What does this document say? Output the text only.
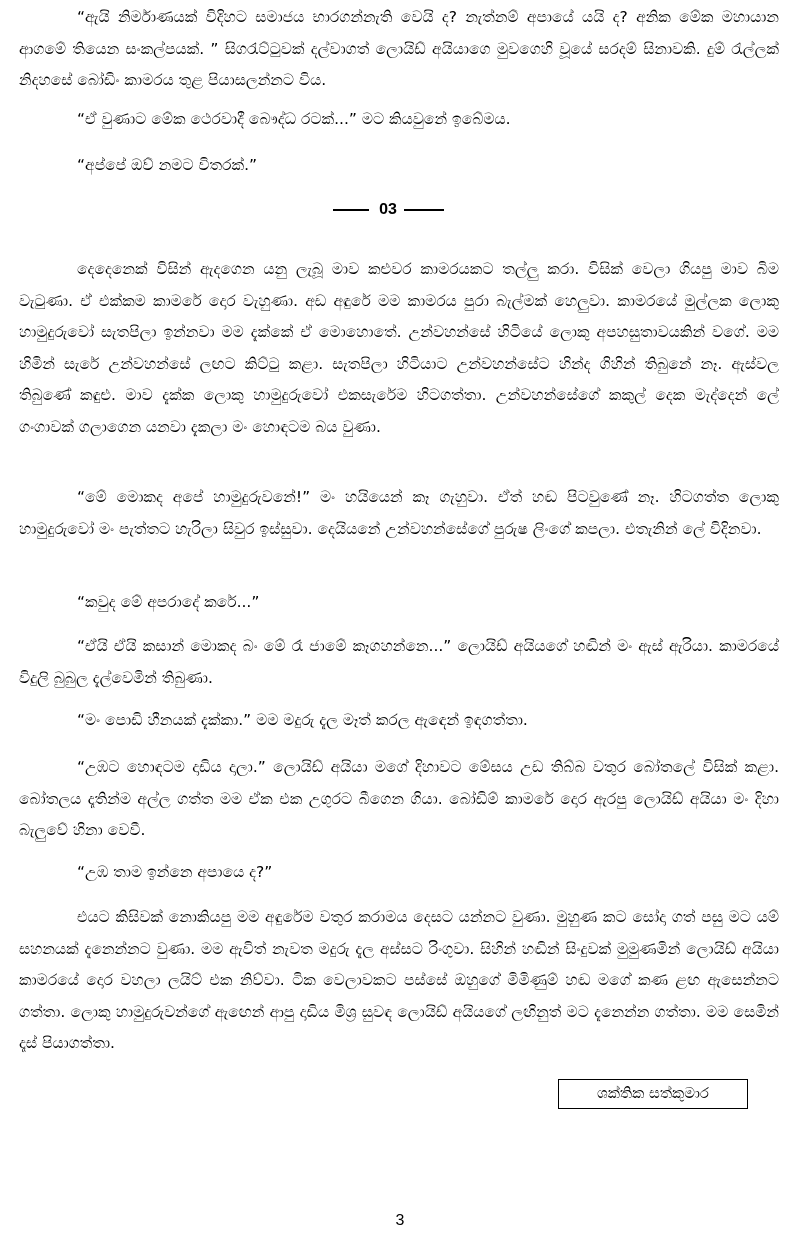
“ඇයි නිර්මාණයක් විදිහට සමාජය භාරගන්නැති වෙයි ද? නැත්නම් අපායේ යයි ද? අනික මේක මහායාන ආගමේ තියෙන සංකල්පයක්. ” සිගරැට්ටුවක් දල්වාගත් ලොයිඩ් අයියාගෙ මුවගෙහි වූයේ සරදම් සිනාවකි. දුම් රැල්ලක් නිදහසේ බෝඩිං කාමරය තුළ පියාසලන්නට විය.

“ඒ වුණාට මේක ථෙරවාදී බෞද්ධ රටක්...” මට කියවුනේ ඉබේමය.

“අප්පේ ඔව් නමට විතරක්.”

03

දෙදෙනෙක් විසින් ඇදගෙන යනු ලැබූ මාව කළුවර කාමරයකට තල්ලු කරා. විසික් වෙලා ගියපු මාව බිම වැටුණා. ඒ එක්කම කාමරේ දොර වැහුණා. අඩ අඳුරේ මම කාමරය පුරා බැල්මක් හෙලුවා. කාමරයේ මුල්ලක ලොකු හාමුදුරුවෝ සැතපිලා ඉන්නවා මම දැක්කේ ඒ මොහොතේ. උන්වහන්සේ හිටියේ ලොකු අපහසුතාවයකින් වගේ. මම හිමින් සැරේ උන්වහන්සේ ලඟට කිට්ටු කළා. සැතපිලා හිටියාට උන්වහන්සේට හින්ද ගිහින් තිබුනේ නෑ. ඇස්වල තිබුණේ කඳුළු. මාව දැක්ක ලොකු හාමුදුරුවෝ එකසැරේම හිටගත්තා. උන්වහන්සේගේ කකුල් දෙක මැද්දෙන් ලේ ගංගාවක් ගලාගෙන යනවා දැකලා මං හොඳටම බය වුණා.

“මේ මොකද අපේ හාමුදුරුවනේ!” මං හයියෙන් කෑ ගැහුවා. ඒත් හඬ පිටවුණේ නෑ. හිටගත්ත ලොකු හාමුදුරුවෝ මං පැත්තට හැරිලා සිවුර ඉස්සුවා. දෙයියනේ උන්වහන්සේගේ පුරුෂ ලිංගේ කපලා. එතැනින් ලේ විදිනවා.

“කවුද මේ අපරාදේ කරේ...”

“ඒයි ඒයි කසාන් මොකද බං මේ රෑ ජාමේ කෑගහන්නෙ...” ලොයිඩ් අයියගේ හඬින් මං ඇස් ඇරියා. කාමරයේ විදුලි බුබුල දැල්වෙමින් තිබුණා.

“මං පොඩි හීනයක් දැක්කා.” මම මදුරු දැල මෑත් කරල ඇඳෙන් ඉඳගත්තා.

“උඹට හොඳටම දාඩිය දාලා.” ලොයිඩ් අයියා මගේ දිහාවට මේසය උඩ තිබ්බ වතුර බෝතලේ විසික් කළා. බෝතලය දෑතින්ම අල්ල ගත්ත මම ඒක එක උගුරට බීගෙන ගියා. බෝඩිම් කාමරේ දොර ඇරපු ලොයිඩ් අයියා මං දිහා බැලුවේ හිනා වෙවී.

“උඹ තාම ඉන්නෙ අපායෙ ද?”

එයට කිසිවක් නොකියපු මම අඳුරේම වතුර කරාමය දෙසට යන්නට වුණා. මුහුණ කට සෝදා ගත් පසු මට යම් සහනයක් දැනෙන්නට වුණා. මම ඇවිත් නැවත මදුරු දැල අස්සට රිංගුවා. සිහින් හඬින් සිංදුවක් මුමුණමින් ලොයිඩ් අයියා කාමරයේ දොර වහලා ලයිට් එක නිව්වා. ටික වෙලාවකට පස්සේ ඔහුගේ මිමිණුම් හඬ මගේ කණ ළඟ ඇසෙන්නට ගත්තා. ලොකු හාමුදුරුවන්ගේ ඇඟෙන් ආපු දාඩිය මිශ්‍ර සුවඳ ලොයිඩ් අයියගේ ලඟිනුත් මට දැනෙන්න ගත්තා. මම සෙමින් දෑස් පියාගත්තා.

ශක්තික සත්කුමාර
3
